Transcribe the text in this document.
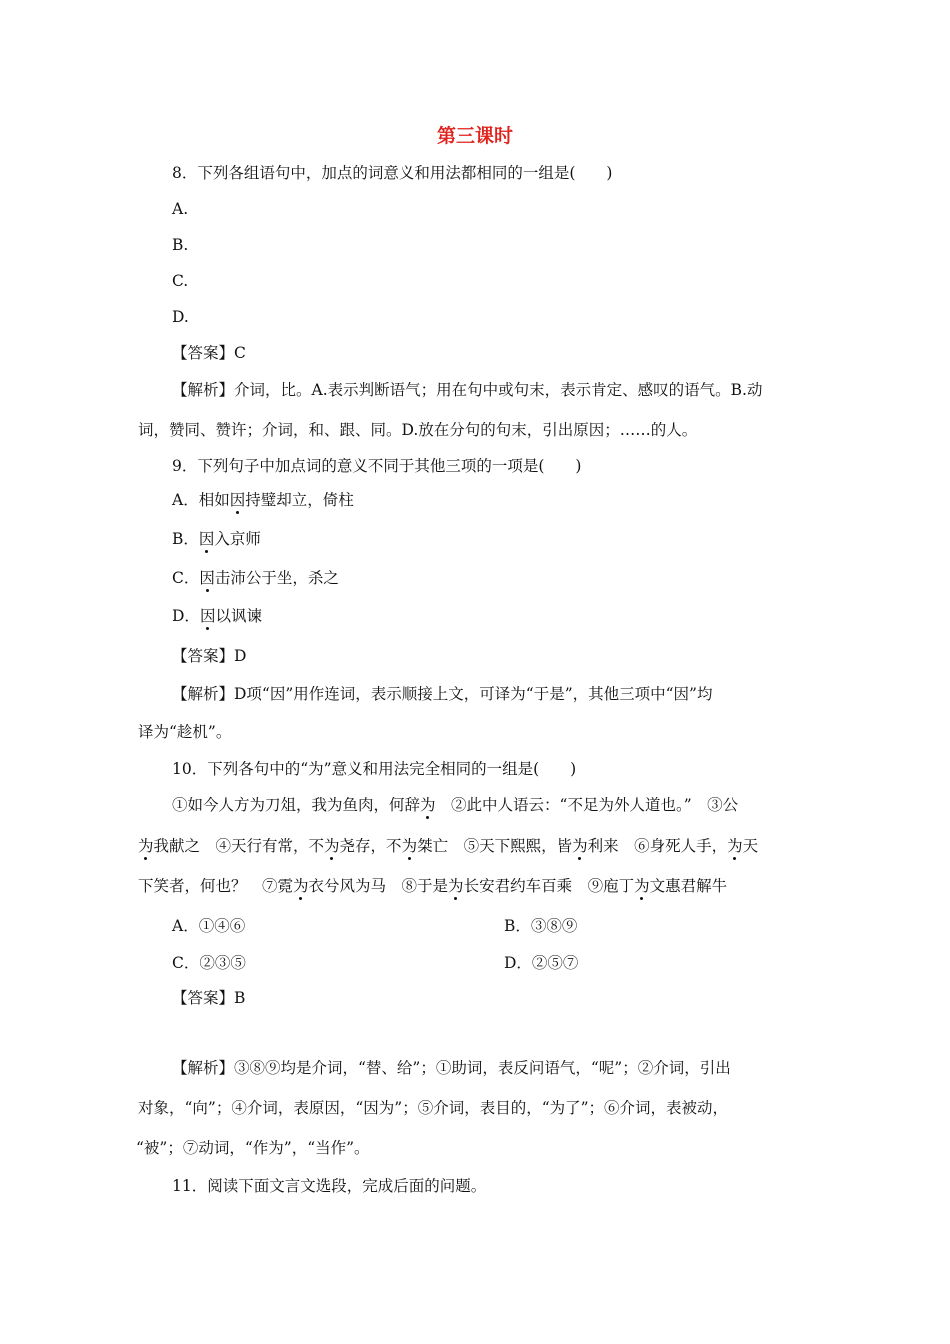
第三课时
8．下列各组语句中，加点的词意义和用法都相同的一组是(　　)
A.
B.
C.
D.
【答案】C
【解析】介词，比。A.表示判断语气；用在句中或句末，表示肯定、感叹的语气。B.动
词，赞同、赞许；介词，和、跟、同。D.放在分句的句末，引出原因；……的人。
9．下列句子中加点词的意义不同于其他三项的一项是(　　)
A．相如因持璧却立，倚柱
B．因入京师
C．因击沛公于坐，杀之
D．因以讽谏
【答案】D
【解析】D项“因”用作连词，表示顺接上文，可译为“于是”，其他三项中“因”均
译为“趁机”。
10．下列各句中的“为”意义和用法完全相同的一组是(　　)
①如今人方为刀俎，我为鱼肉，何辞为　②此中人语云：“不足为外人道也。”　③公
为我献之　④天行有常，不为尧存，不为桀亡　⑤天下熙熙，皆为利来　⑥身死人手，为天
下笑者，何也？　⑦霓为衣兮风为马　⑧于是为长安君约车百乘　⑨庖丁为文惠君解牛
A．①④⑥	B．③⑧⑨
C．②③⑤	D．②⑤⑦
【答案】B
【解析】③⑧⑨均是介词，“替、给”；①助词，表反问语气，“呢”；②介词，引出
对象，“向”；④介词，表原因，“因为”；⑤介词，表目的，“为了”；⑥介词，表被动，
“被”；⑦动词，“作为”，“当作”。
11．阅读下面文言文选段，完成后面的问题。
